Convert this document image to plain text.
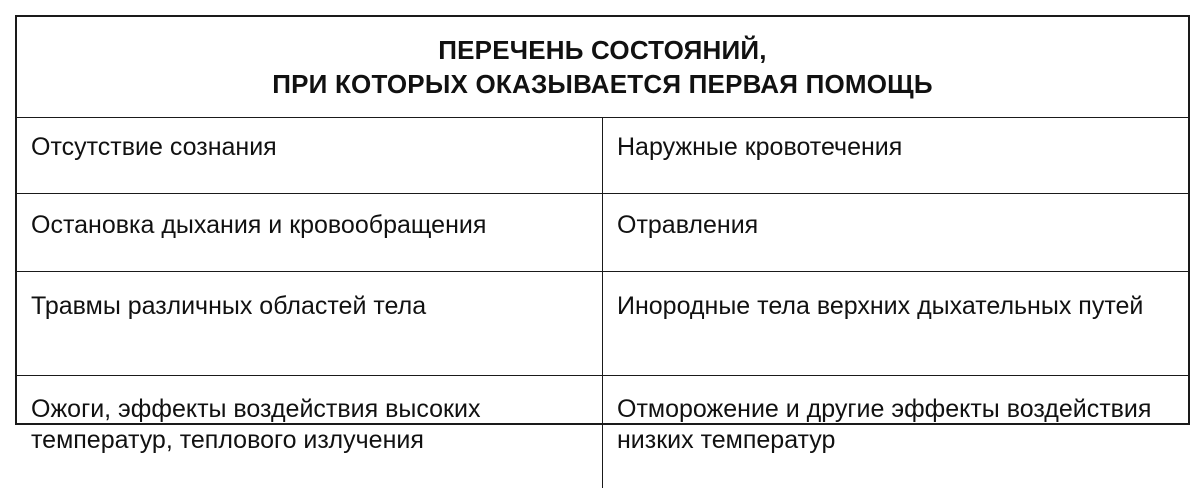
ПЕРЕЧЕНЬ СОСТОЯНИЙ,
ПРИ КОТОРЫХ ОКАЗЫВАЕТСЯ ПЕРВАЯ ПОМОЩЬ	

Отсутствие сознания	Наружные кровотечения
Остановка дыхания и кровообращения	Отравления
Травмы различных областей тела	Инородные тела верхних дыхательных путей
Ожоги, эффекты воздействия высоких температур, теплового излучения	Отморожение и другие эффекты воздействия низких температур
